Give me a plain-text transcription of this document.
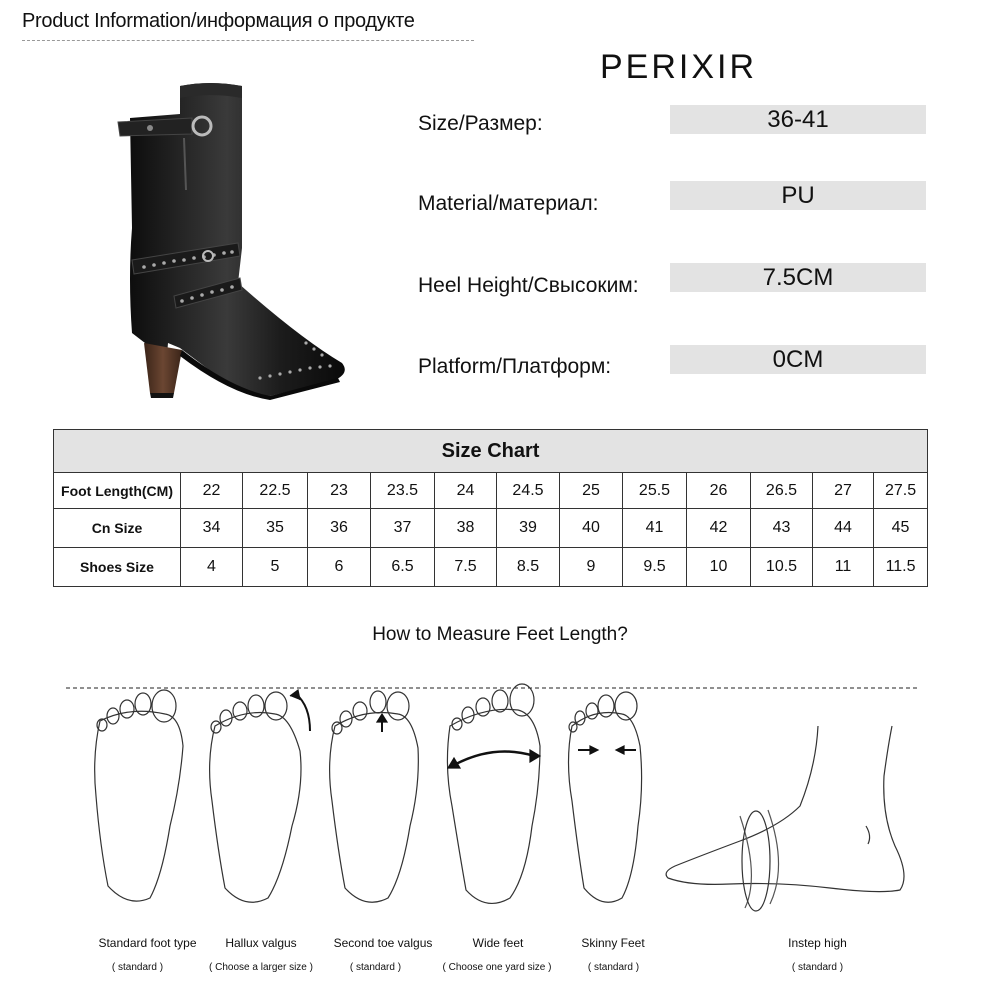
Product Information/информация о продукте
PERIXIR
Size/Размер:	36-41
Material/материал:	PU
Heel Height/Свысоким:	7.5CM
Platform/Платформ:	0CM
Size Chart												
Foot Length(CM)	22	22.5	23	23.5	24	24.5	25	25.5	26	26.5	27	27.5
Cn Size	34	35	36	37	38	39	40	41	42	43	44	45
Shoes Size	4	5	6	6.5	7.5	8.5	9	9.5	10	10.5	11	11.5
How to Measure Feet Length?
Standard foot type
( standard )
Hallux valgus
( Choose a larger size )
Second toe valgus
( standard )
Wide feet
( Choose one yard size )
Skinny Feet
( standard )
Instep high
( standard )
